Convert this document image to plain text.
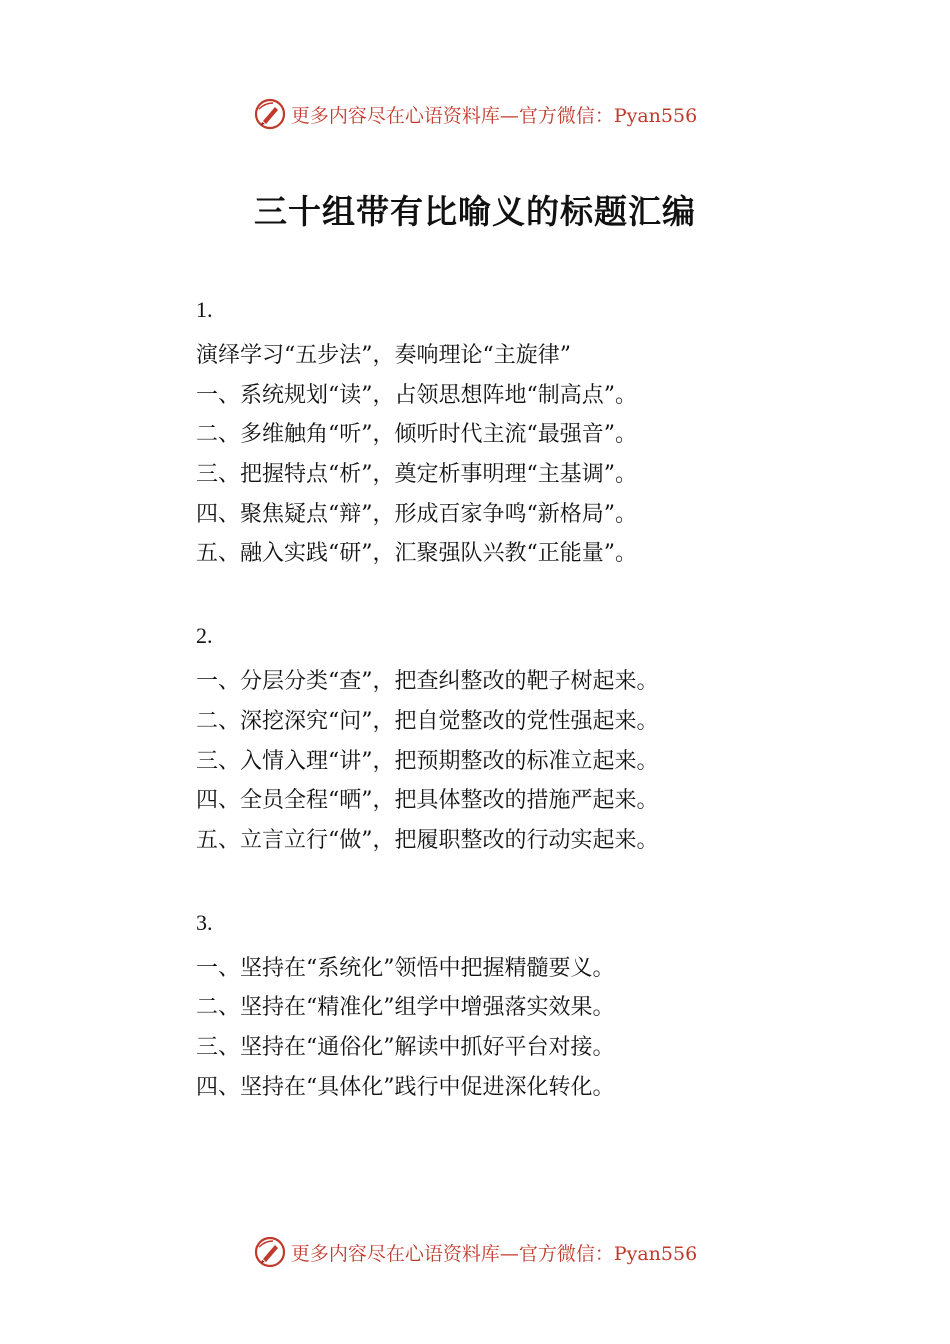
更多内容尽在心语资料库—官方微信：Pyan556
三十组带有比喻义的标题汇编
1.
演绎学习“五步法”，奏响理论“主旋律”
一、系统规划“读”，占领思想阵地“制高点”。
二、多维触角“听”，倾听时代主流“最强音”。
三、把握特点“析”，奠定析事明理“主基调”。
四、聚焦疑点“辩”，形成百家争鸣“新格局”。
五、融入实践“研”，汇聚强队兴教“正能量”。
2.
一、分层分类“查”，把查纠整改的靶子树起来。
二、深挖深究“问”，把自觉整改的党性强起来。
三、入情入理“讲”，把预期整改的标准立起来。
四、全员全程“晒”，把具体整改的措施严起来。
五、立言立行“做”，把履职整改的行动实起来。
3.
一、坚持在“系统化”领悟中把握精髓要义。
二、坚持在“精准化”组学中增强落实效果。
三、坚持在“通俗化”解读中抓好平台对接。
四、坚持在“具体化”践行中促进深化转化。
更多内容尽在心语资料库—官方微信：Pyan556
